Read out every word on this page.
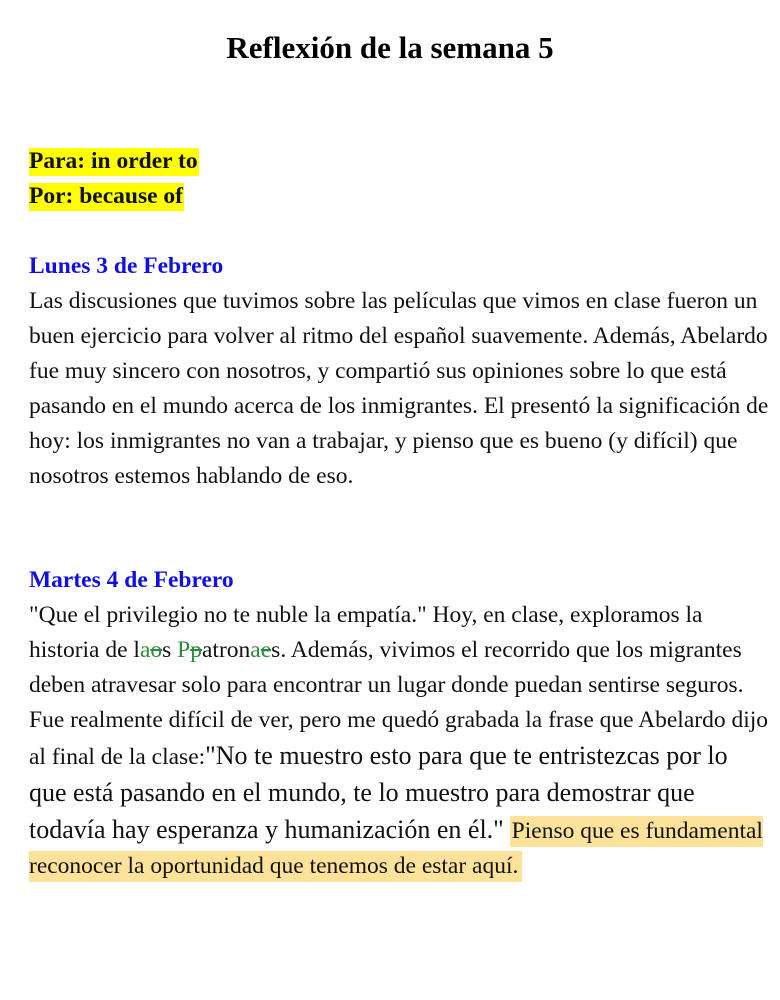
Reflexión de la semana 5
Para: in order to
Por: because of
Lunes 3 de Febrero

Las discusiones que tuvimos sobre las películas que vimos en clase fueron un buen ejercicio para volver al ritmo del español suavemente. Además, Abelardo fue muy sincero con nosotros, y compartió sus opiniones sobre lo que está pasando en el mundo acerca de los inmigrantes. El presentó la significación de hoy: los inmigrantes no van a trabajar, y pienso que es bueno (y difícil) que nosotros estemos hablando de eso.

Martes 4 de Febrero

"Que el privilegio no te nuble la empatía." Hoy, en clase, exploramos la historia de laos Ppatronaes. Además, vivimos el recorrido que los migrantes deben atravesar solo para encontrar un lugar donde puedan sentirse seguros. Fue realmente difícil de ver, pero me quedó grabada la frase que Abelardo dijo al final de la clase:"No te muestro esto para que te entristezcas por lo que está pasando en el mundo, te lo muestro para demostrar que todavía hay esperanza y humanización en él." Pienso que es fundamental reconocer la oportunidad que tenemos de estar aquí.
